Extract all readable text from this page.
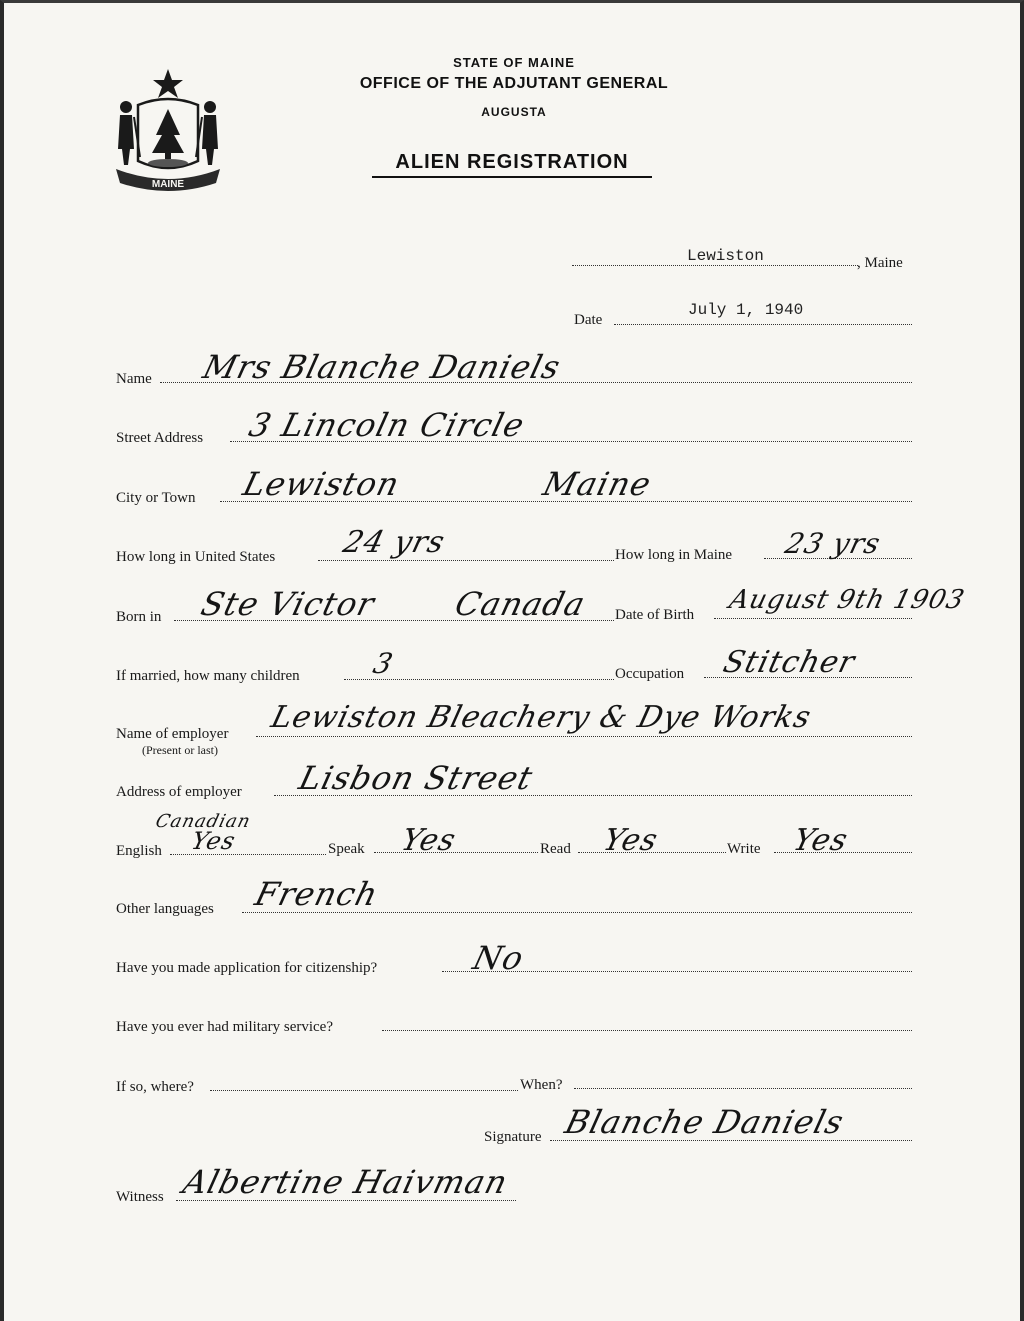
MAINE
STATE OF MAINE
OFFICE OF THE ADJUTANT GENERAL
AUGUSTA
ALIEN REGISTRATION
Lewiston	, Maine
Date
July 1, 1940
Name Mrs Blanche Daniels
Street Address 3 Lincoln Circle
City or Town Lewiston	Maine
How long in United States 24 yrs	How long in Maine 23 yrs
Born in Ste Victor Canada Date of Birth August 9th 1903
If married, how many children	3	Occupation Stitcher
Name of employer
(Present or last)
Lewiston Bleachery & Dye Works
Address of employer Lisbon Street
Canadian
English Yes	Speak Yes	Read Yes	Write Yes
Other languages French
Have you made application for citizenship?	No
Have you ever had military service?
If so, where?	When?
Signature Blanche Daniels
Witness Albertine Haivman
